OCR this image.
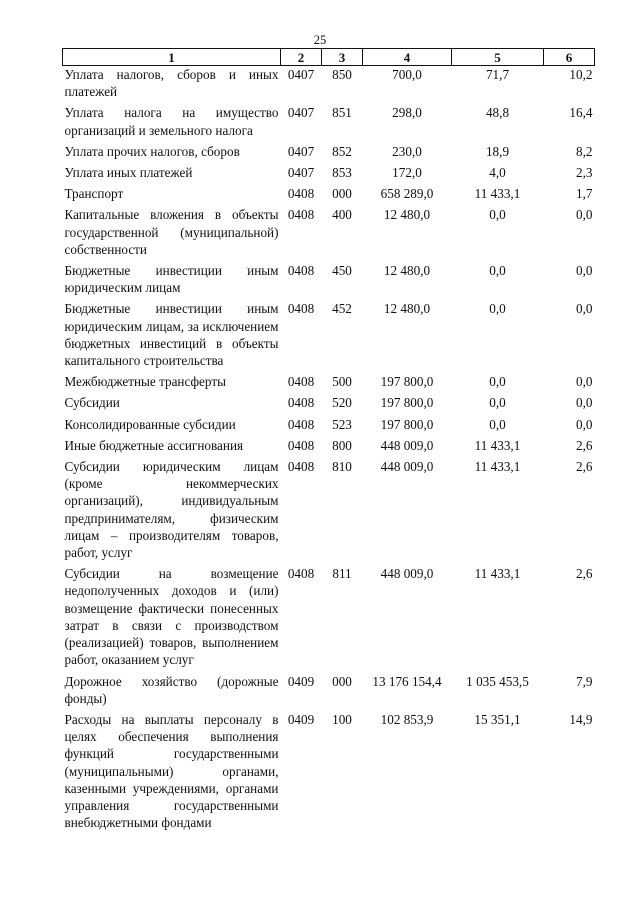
25
1	2	3	4	5	6
Уплата налогов, сборов и иных платежей	0407	850	700,0	71,7	10,2
Уплата налога на имущество организаций и земельного налога	0407	851	298,0	48,8	16,4
Уплата прочих налогов, сборов	0407	852	230,0	18,9	8,2
Уплата иных платежей	0407	853	172,0	4,0	2,3
Транспорт	0408	000	658 289,0	11 433,1	1,7
Капитальные вложения в объекты государственной (муниципальной) собственности	0408	400	12 480,0	0,0	0,0
Бюджетные инвестиции иным юридическим лицам	0408	450	12 480,0	0,0	0,0
Бюджетные инвестиции иным юридическим лицам, за исключением бюджетных инвестиций в объекты капитального строительства	0408	452	12 480,0	0,0	0,0
Межбюджетные трансферты	0408	500	197 800,0	0,0	0,0
Субсидии	0408	520	197 800,0	0,0	0,0
Консолидированные субсидии	0408	523	197 800,0	0,0	0,0
Иные бюджетные ассигнования	0408	800	448 009,0	11 433,1	2,6
Субсидии юридическим лицам (кроме некоммерческих организаций), индивидуальным предпринимателям, физическим лицам – производителям товаров, работ, услуг	0408	810	448 009,0	11 433,1	2,6
Субсидии на возмещение недополученных доходов и (или) возмещение фактически понесенных затрат в связи с производством (реализацией) товаров, выполнением работ, оказанием услуг	0408	811	448 009,0	11 433,1	2,6
Дорожное хозяйство (дорожные фонды)	0409	000	13 176 154,4	1 035 453,5	7,9
Расходы на выплаты персоналу в целях обеспечения выполнения функций государственными (муниципальными) органами, казенными учреждениями, органами управления государственными внебюджетными фондами	0409	100	102 853,9	15 351,1	14,9
